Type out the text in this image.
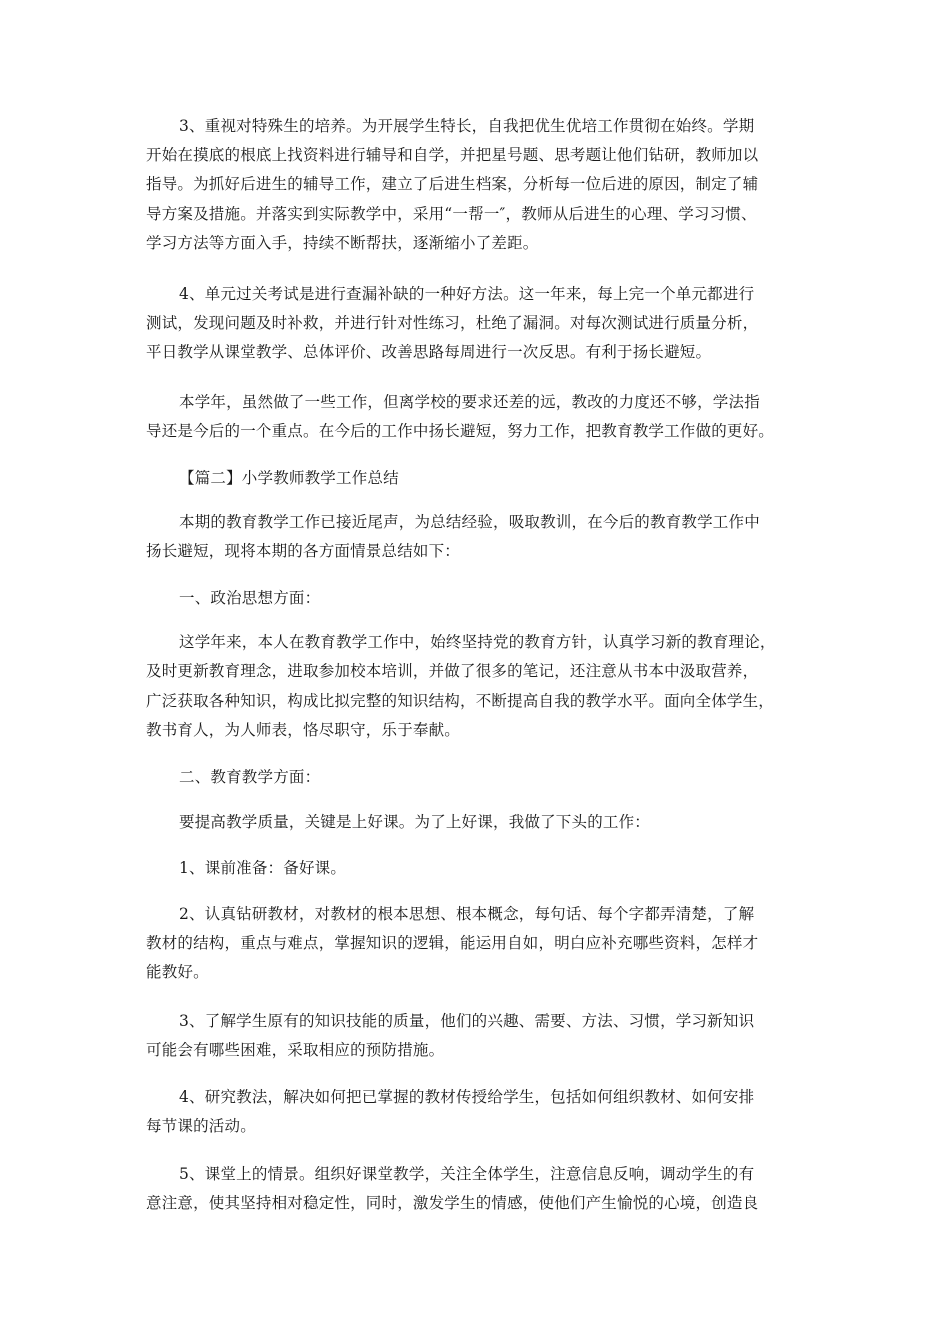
3、重视对特殊生的培养。为开展学生特长，自我把优生优培工作贯彻在始终。学期
开始在摸底的根底上找资料进行辅导和自学，并把星号题、思考题让他们钻研，教师加以
指导。为抓好后进生的辅导工作，建立了后进生档案，分析每一位后进的原因，制定了辅
导方案及措施。并落实到实际教学中，采用“一帮一″，教师从后进生的心理、学习习惯、
学习方法等方面入手，持续不断帮扶，逐渐缩小了差距。
4、单元过关考试是进行查漏补缺的一种好方法。这一年来，每上完一个单元都进行
测试，发现问题及时补救，并进行针对性练习，杜绝了漏洞。对每次测试进行质量分析，
平日教学从课堂教学、总体评价、改善思路每周进行一次反思。有利于扬长避短。
本学年，虽然做了一些工作，但离学校的要求还差的远，教改的力度还不够，学法指
导还是今后的一个重点。在今后的工作中扬长避短，努力工作，把教育教学工作做的更好。
【篇二】小学教师教学工作总结
本期的教育教学工作已接近尾声，为总结经验，吸取教训，在今后的教育教学工作中
扬长避短，现将本期的各方面情景总结如下：
一、政治思想方面：
这学年来，本人在教育教学工作中，始终坚持党的教育方针，认真学习新的教育理论，
及时更新教育理念，进取参加校本培训，并做了很多的笔记，还注意从书本中汲取营养，
广泛获取各种知识，构成比拟完整的知识结构，不断提高自我的教学水平。面向全体学生，
教书育人，为人师表，恪尽职守，乐于奉献。
二、教育教学方面：
要提高教学质量，关键是上好课。为了上好课，我做了下头的工作：
1、课前准备：备好课。
2、认真钻研教材，对教材的根本思想、根本概念，每句话、每个字都弄清楚，了解
教材的结构，重点与难点，掌握知识的逻辑，能运用自如，明白应补充哪些资料，怎样才
能教好。
3、了解学生原有的知识技能的质量，他们的兴趣、需要、方法、习惯，学习新知识
可能会有哪些困难，采取相应的预防措施。
4、研究教法，解决如何把已掌握的教材传授给学生，包括如何组织教材、如何安排
每节课的活动。
5、课堂上的情景。组织好课堂教学，关注全体学生，注意信息反响，调动学生的有
意注意，使其坚持相对稳定性，同时，激发学生的情感，使他们产生愉悦的心境，创造良
